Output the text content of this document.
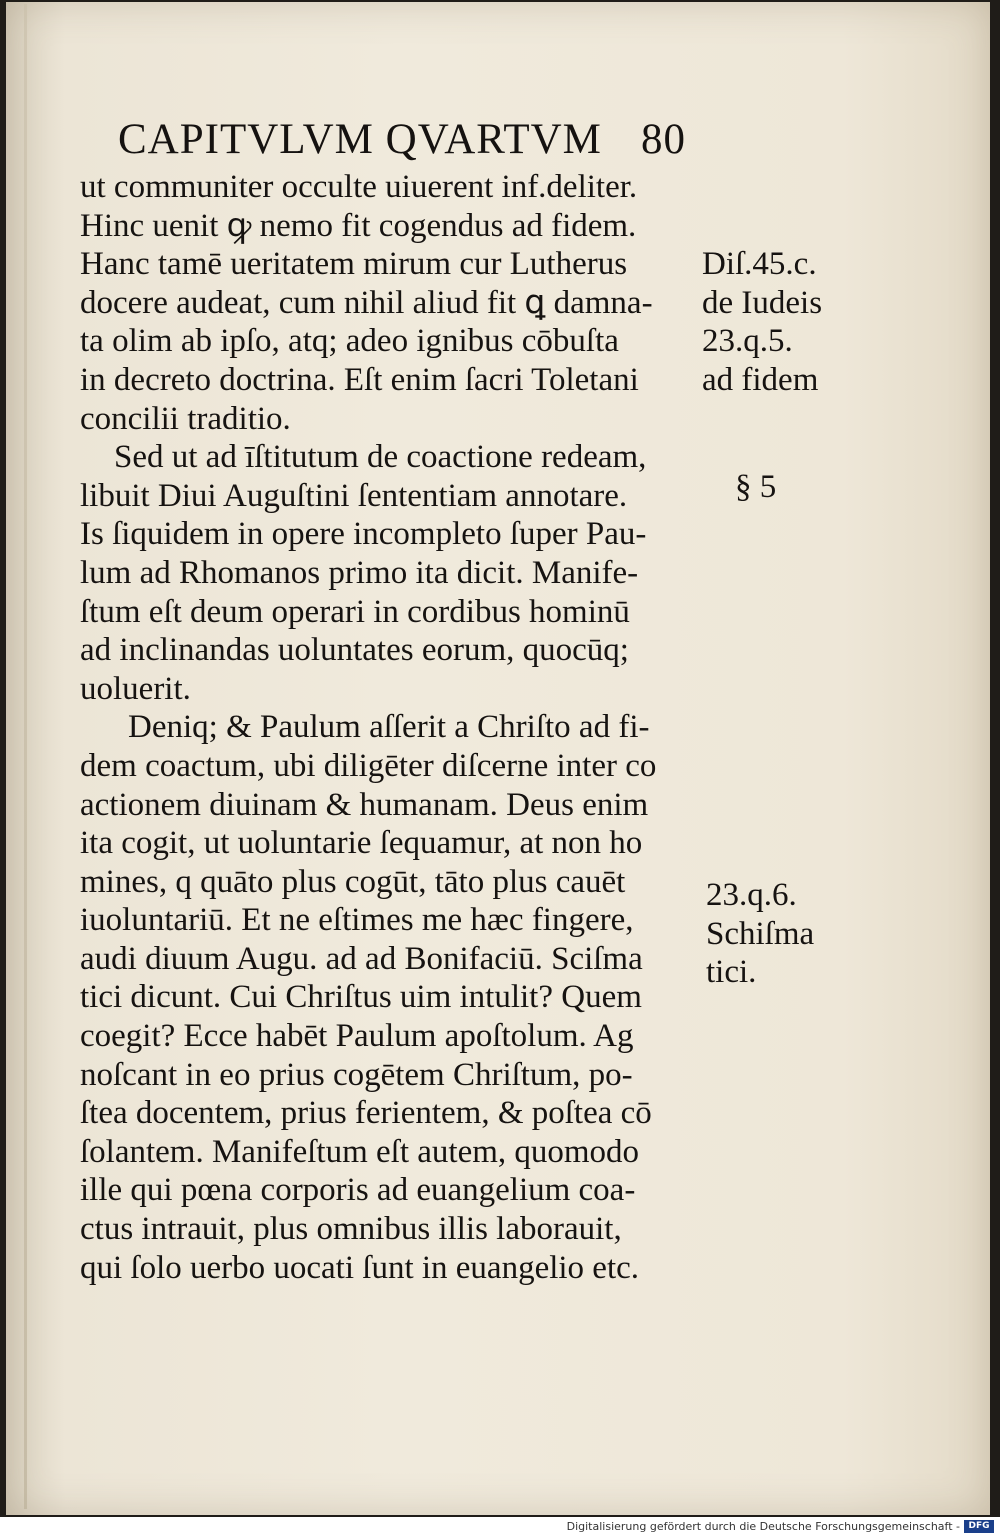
CAPITVLVM QVARTVM 80
ut communiter occulte uiuerent inf.deliter.
Hinc uenit ꝙ nemo fit cogendus ad fidem.
Hanc tamē ueritatem mirum cur Lutherus
docere audeat, cum nihil aliud fit ꝗ damna-
ta olim ab ipſo, atq; adeo ignibus cōbuſta
in decreto doctrina. Eſt enim ſacri Toletani
concilii traditio.
Sed ut ad īſtitutum de coactione redeam,
libuit Diui Auguſtini ſententiam annotare.
Is ſiquidem in opere incompleto ſuper Pau-
lum ad Rhomanos primo ita dicit. Manife-
ſtum eſt deum operari in cordibus hominū
ad inclinandas uoluntates eorum, quocūq;
uoluerit.
Deniq; & Paulum aſſerit a Chriſto ad fi-
dem coactum, ubi diligēter diſcerne inter co
actionem diuinam & humanam. Deus enim
ita cogit, ut uoluntarie ſequamur, at non ho
mines, q quāto plus cogūt, tāto plus cauēt
iuoluntariū. Et ne eſtimes me hæc fingere,
audi diuum Augu. ad ad Bonifaciū. Sciſma
tici dicunt. Cui Chriſtus uim intulit? Quem
coegit? Ecce habēt Paulum apoſtolum. Ag
noſcant in eo prius cogētem Chriſtum, po-
ſtea docentem, prius ferientem, & poſtea cō
ſolantem. Manifeſtum eſt autem, quomodo
ille qui pœna corporis ad euangelium coa-
ctus intrauit, plus omnibus illis laborauit,
qui ſolo uerbo uocati ſunt in euangelio etc.
Diſ.45.c.
de Iudeis
23.q.5.
ad fidem
§ 5
23.q.6.
Schiſma
tici.
Digitalisierung gefördert durch die Deutsche Forschungsgemeinschaft - DFG
